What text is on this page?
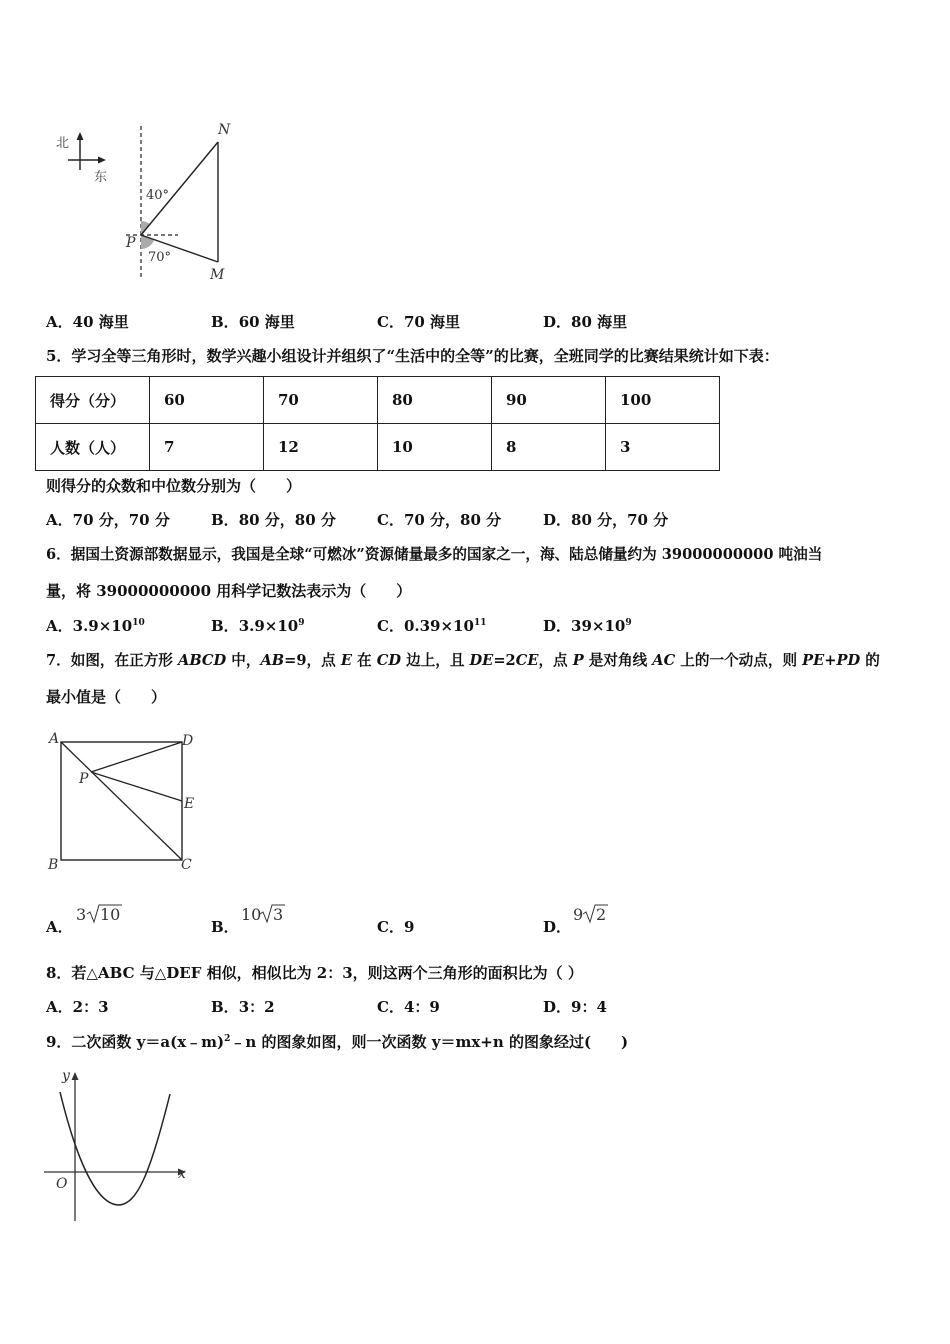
北
东
40°
70°
P
N
M
A．40 海里	B．60 海里	C．70 海里	D．80 海里
5．学习全等三角形时，数学兴趣小组设计并组织了“生活中的全等”的比赛，全班同学的比赛结果统计如下表：
得分（分）	60	70	80	90	100
人数（人）	7	12	10	8	3
则得分的众数和中位数分别为（　　）
A．70 分，70 分	B．80 分，80 分	C．70 分，80 分	D．80 分，70 分
6．据国土资源部数据显示，我国是全球“可燃冰”资源储量最多的国家之一，海、陆总储量约为 39000000000 吨油当
量，将 39000000000 用科学记数法表示为（　　）
A．$3.9\times 10^{10}$	B．$3.9\times 10^9$	C．$0.39\times 10^{11}$	D．$39\times 10^9$
7．如图，在正方形 ABCD 中，AB=9，点 E 在 CD 边上，且 DE=2CE，点 P 是对角线 AC 上的一个动点，则 PE+PD 的
最小值是（　　）
A	D
P
E
B	C
A．
3 10
B．
10 3
C．9	D．
9 2
8．若△ABC 与△DEF 相似，相似比为 2：3，则这两个三角形的面积比为（ ）
A．2：3	B．3：2	C．4：9	D．9：4
9．二次函数 y＝a(x﹣m)$^2$﹣n 的图象如图，则一次函数 y＝mx+n 的图象经过(　　)
y
x
O
